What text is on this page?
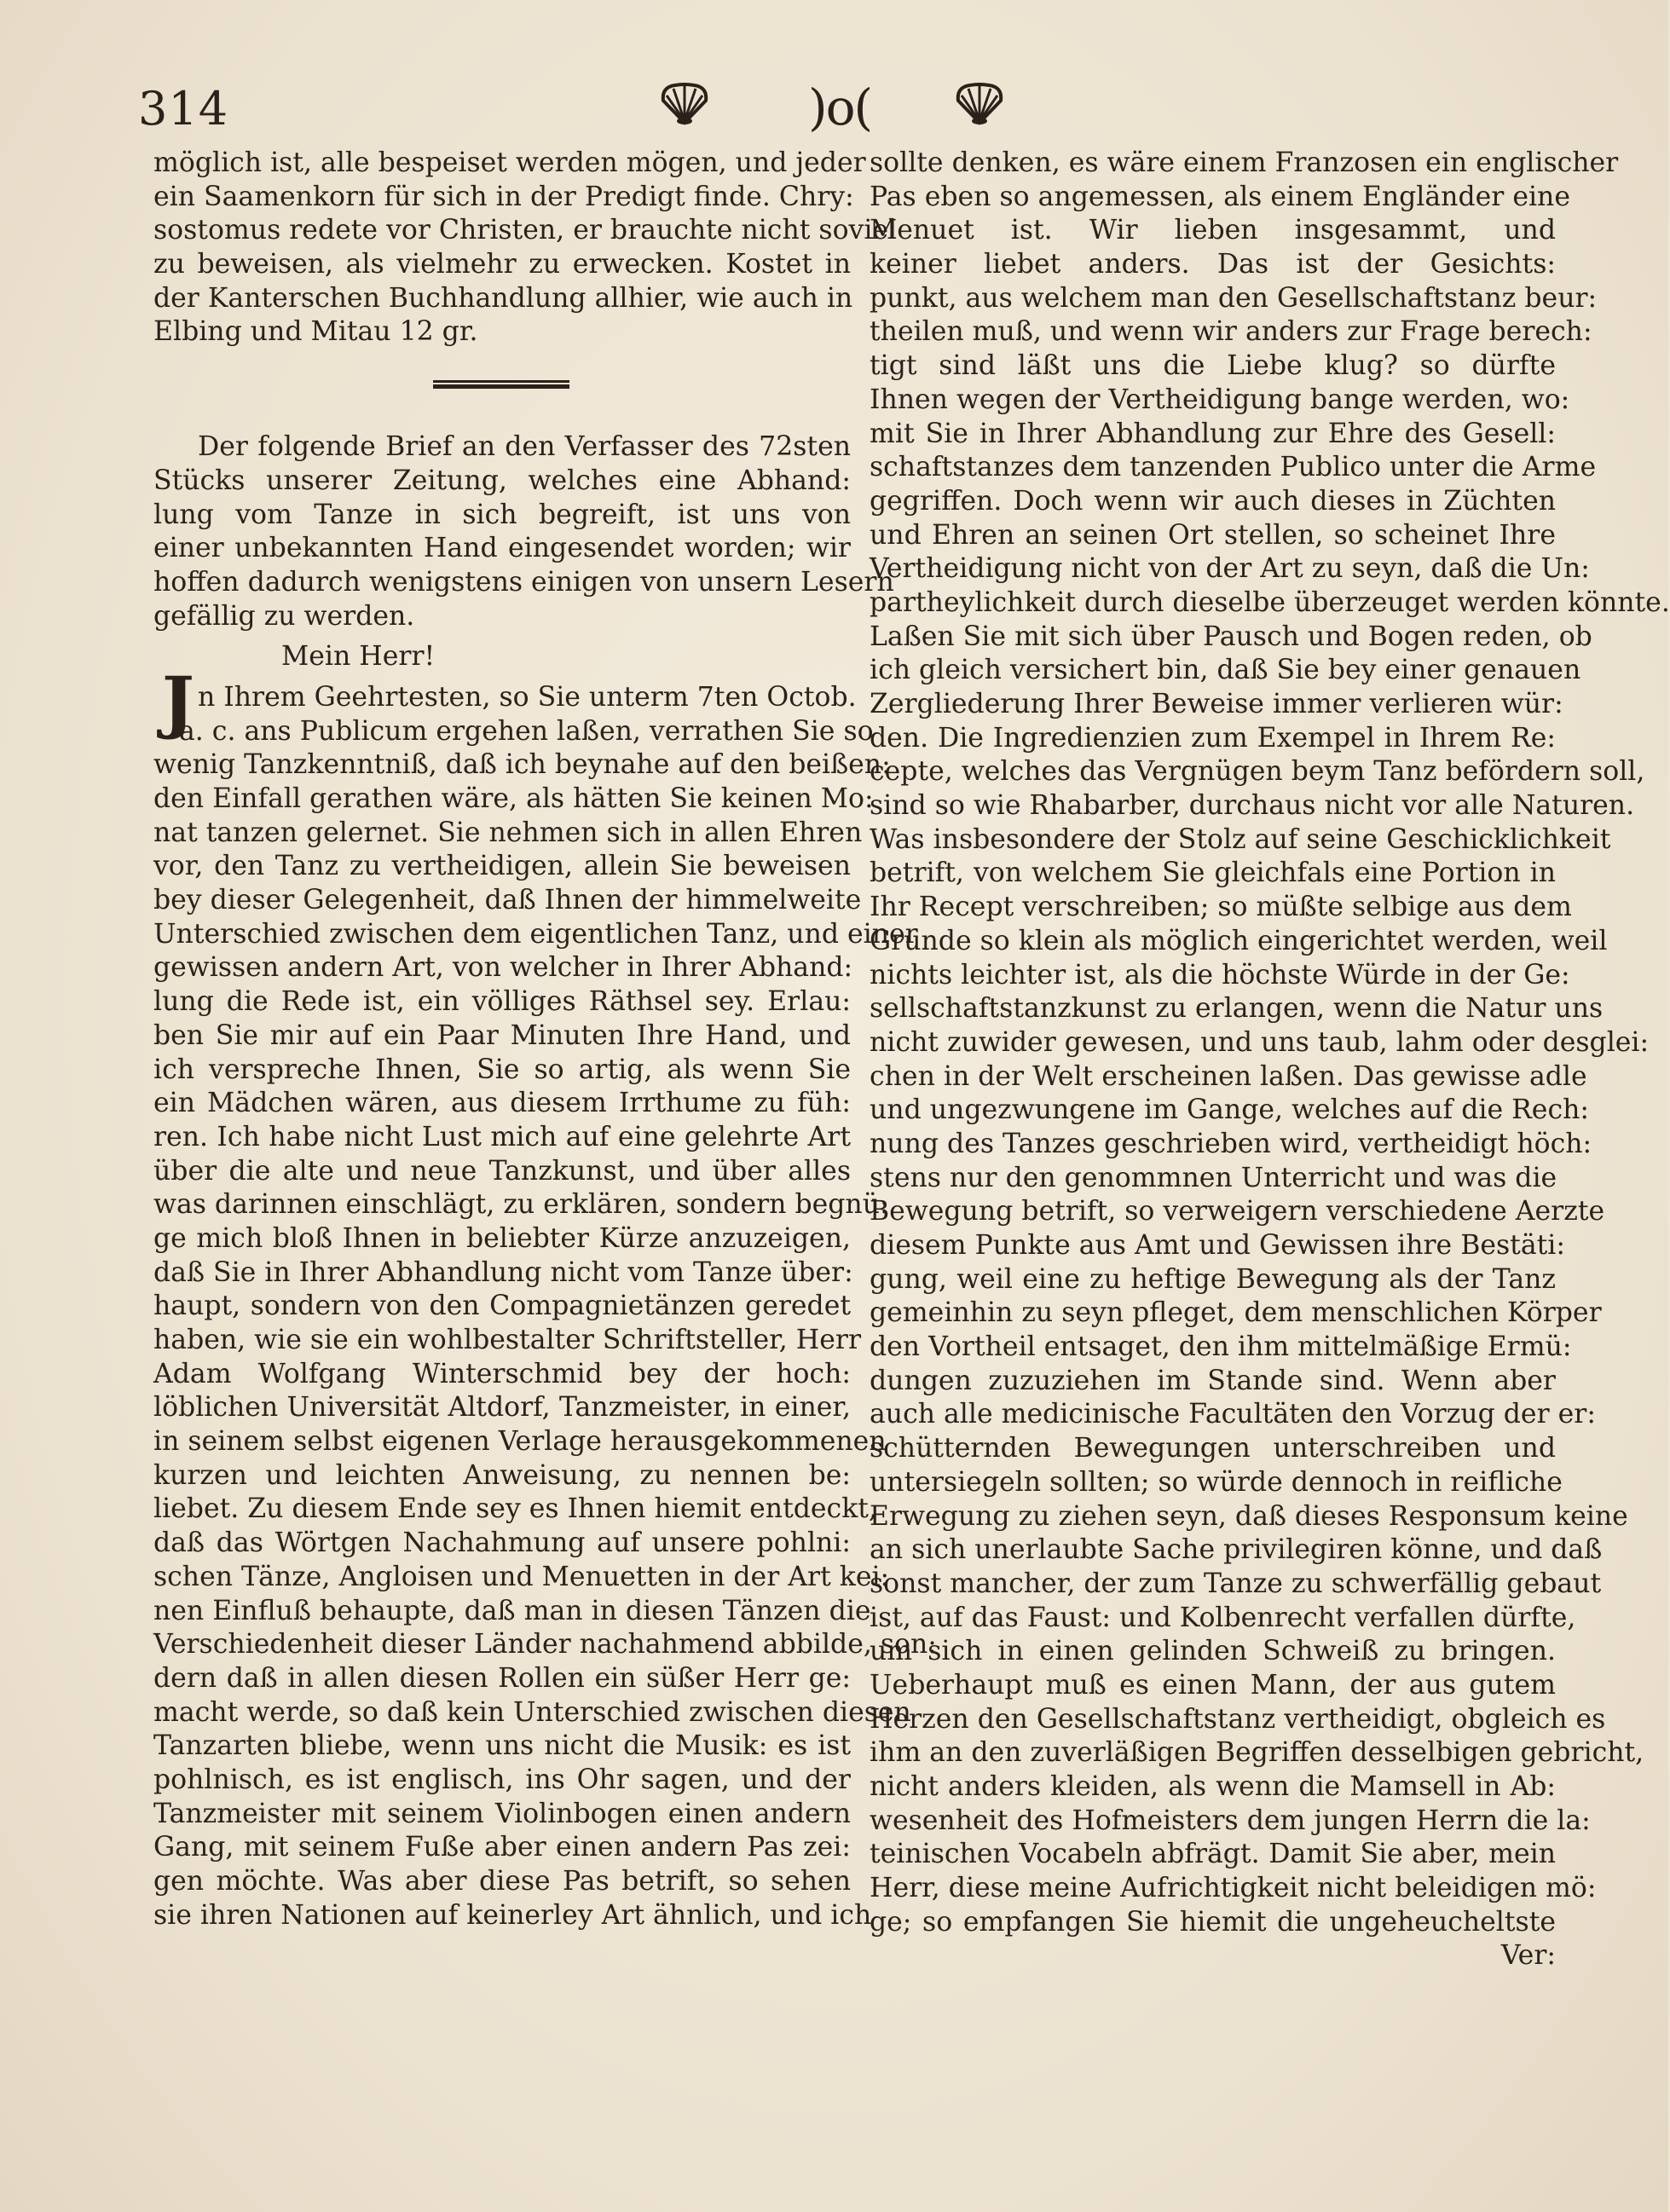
314	)o(
J
möglich ist, alle bespeiset werden mögen, und jeder
ein Saamenkorn für sich in der Predigt finde. Chry:
sostomus redete vor Christen, er brauchte nicht soviel
zu beweisen, als vielmehr zu erwecken. Kostet in
der Kanterschen Buchhandlung allhier, wie auch in
Elbing und Mitau 12 gr.
Der folgende Brief an den Verfasser des 72sten
Stücks unserer Zeitung, welches eine Abhand:
lung vom Tanze in sich begreift, ist uns von
einer unbekannten Hand eingesendet worden; wir
hoffen dadurch wenigstens einigen von unsern Lesern
gefällig zu werden.
Mein Herr!
n Ihrem Geehrtesten, so Sie unterm 7ten Octob.
a. c. ans Publicum ergehen laßen, verrathen Sie so
wenig Tanzkenntniß, daß ich beynahe auf den beißen:
den Einfall gerathen wäre, als hätten Sie keinen Mo:
nat tanzen gelernet. Sie nehmen sich in allen Ehren
vor, den Tanz zu vertheidigen, allein Sie beweisen
bey dieser Gelegenheit, daß Ihnen der himmelweite
Unterschied zwischen dem eigentlichen Tanz, und einer
gewissen andern Art, von welcher in Ihrer Abhand:
lung die Rede ist, ein völliges Räthsel sey. Erlau:
ben Sie mir auf ein Paar Minuten Ihre Hand, und
ich verspreche Ihnen, Sie so artig, als wenn Sie
ein Mädchen wären, aus diesem Irrthume zu füh:
ren. Ich habe nicht Lust mich auf eine gelehrte Art
über die alte und neue Tanzkunst, und über alles
was darinnen einschlägt, zu erklären, sondern begnü:
ge mich bloß Ihnen in beliebter Kürze anzuzeigen,
daß Sie in Ihrer Abhandlung nicht vom Tanze über:
haupt, sondern von den Compagnietänzen geredet
haben, wie sie ein wohlbestalter Schriftsteller, Herr
Adam Wolfgang Winterschmid bey der hoch:
löblichen Universität Altdorf, Tanzmeister, in einer,
in seinem selbst eigenen Verlage herausgekommenen
kurzen und leichten Anweisung, zu nennen be:
liebet. Zu diesem Ende sey es Ihnen hiemit entdeckt,
daß das Wörtgen Nachahmung auf unsere pohlni:
schen Tänze, Angloisen und Menuetten in der Art kei:
nen Einfluß behaupte, daß man in diesen Tänzen die
Verschiedenheit dieser Länder nachahmend abbilde, son:
dern daß in allen diesen Rollen ein süßer Herr ge:
macht werde, so daß kein Unterschied zwischen diesen
Tanzarten bliebe, wenn uns nicht die Musik: es ist
pohlnisch, es ist englisch, ins Ohr sagen, und der
Tanzmeister mit seinem Violinbogen einen andern
Gang, mit seinem Fuße aber einen andern Pas zei:
gen möchte. Was aber diese Pas betrift, so sehen
sie ihren Nationen auf keinerley Art ähnlich, und ich
sollte denken, es wäre einem Franzosen ein englischer
Pas eben so angemessen, als einem Engländer eine
Menuet ist. Wir lieben insgesammt, und
keiner liebet anders. Das ist der Gesichts:
punkt, aus welchem man den Gesellschaftstanz beur:
theilen muß, und wenn wir anders zur Frage berech:
tigt sind läßt uns die Liebe klug? so dürfte
Ihnen wegen der Vertheidigung bange werden, wo:
mit Sie in Ihrer Abhandlung zur Ehre des Gesell:
schaftstanzes dem tanzenden Publico unter die Arme
gegriffen. Doch wenn wir auch dieses in Züchten
und Ehren an seinen Ort stellen, so scheinet Ihre
Vertheidigung nicht von der Art zu seyn, daß die Un:
partheylichkeit durch dieselbe überzeuget werden könnte.
Laßen Sie mit sich über Pausch und Bogen reden, ob
ich gleich versichert bin, daß Sie bey einer genauen
Zergliederung Ihrer Beweise immer verlieren wür:
den. Die Ingredienzien zum Exempel in Ihrem Re:
cepte, welches das Vergnügen beym Tanz befördern soll,
sind so wie Rhabarber, durchaus nicht vor alle Naturen.
Was insbesondere der Stolz auf seine Geschicklichkeit
betrift, von welchem Sie gleichfals eine Portion in
Ihr Recept verschreiben; so müßte selbige aus dem
Grunde so klein als möglich eingerichtet werden, weil
nichts leichter ist, als die höchste Würde in der Ge:
sellschaftstanzkunst zu erlangen, wenn die Natur uns
nicht zuwider gewesen, und uns taub, lahm oder desglei:
chen in der Welt erscheinen laßen. Das gewisse adle
und ungezwungene im Gange, welches auf die Rech:
nung des Tanzes geschrieben wird, vertheidigt höch:
stens nur den genommnen Unterricht und was die
Bewegung betrift, so verweigern verschiedene Aerzte
diesem Punkte aus Amt und Gewissen ihre Bestäti:
gung, weil eine zu heftige Bewegung als der Tanz
gemeinhin zu seyn pfleget, dem menschlichen Körper
den Vortheil entsaget, den ihm mittelmäßige Ermü:
dungen zuzuziehen im Stande sind. Wenn aber
auch alle medicinische Facultäten den Vorzug der er:
schütternden Bewegungen unterschreiben und
untersiegeln sollten; so würde dennoch in reifliche
Erwegung zu ziehen seyn, daß dieses Responsum keine
an sich unerlaubte Sache privilegiren könne, und daß
sonst mancher, der zum Tanze zu schwerfällig gebaut
ist, auf das Faust: und Kolbenrecht verfallen dürfte,
um sich in einen gelinden Schweiß zu bringen.
Ueberhaupt muß es einen Mann, der aus gutem
Herzen den Gesellschaftstanz vertheidigt, obgleich es
ihm an den zuverläßigen Begriffen desselbigen gebricht,
nicht anders kleiden, als wenn die Mamsell in Ab:
wesenheit des Hofmeisters dem jungen Herrn die la:
teinischen Vocabeln abfrägt. Damit Sie aber, mein
Herr, diese meine Aufrichtigkeit nicht beleidigen mö:
ge; so empfangen Sie hiemit die ungeheucheltste
Ver:
